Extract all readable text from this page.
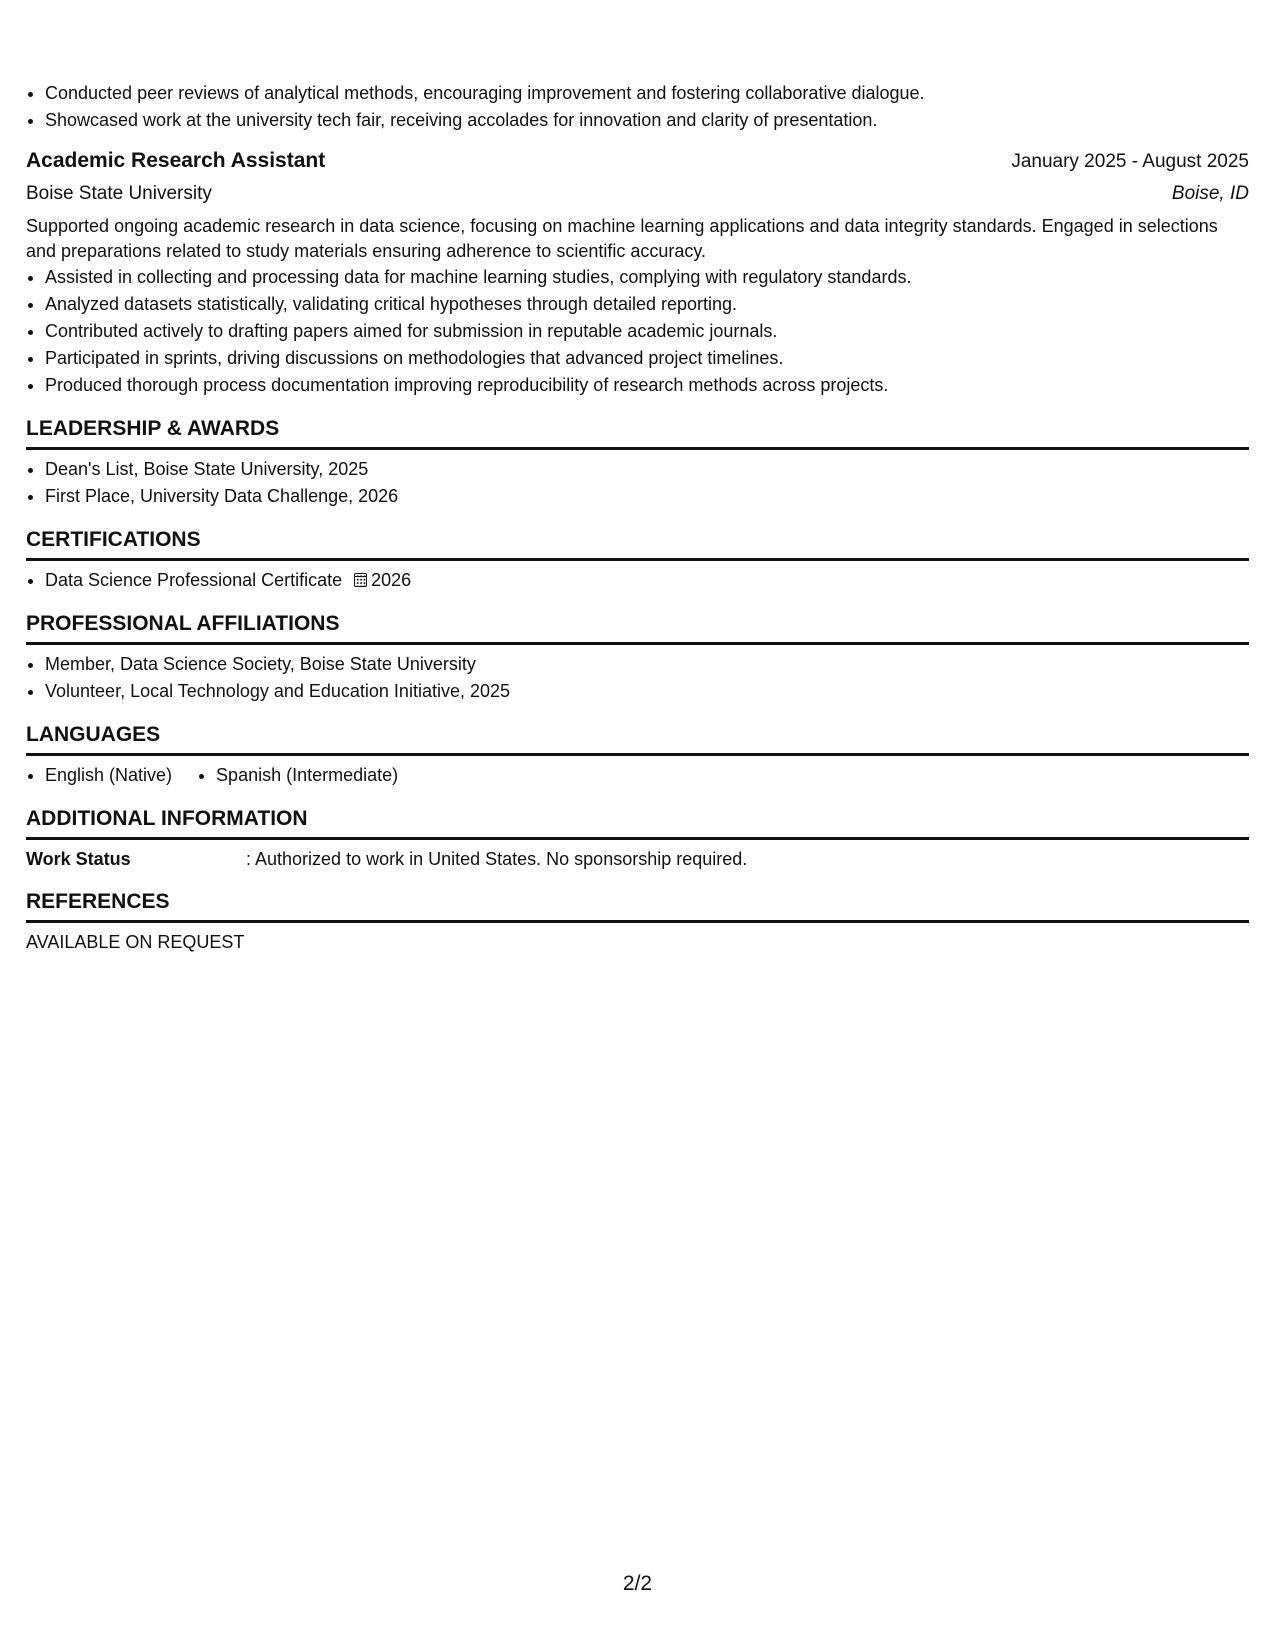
• Conducted peer reviews of analytical methods, encouraging improvement and fostering collaborative dialogue.
• Showcased work at the university tech fair, receiving accolades for innovation and clarity of presentation.
Academic Research Assistant	January 2025 - August 2025
Boise State University	Boise, ID
Supported ongoing academic research in data science, focusing on machine learning applications and data integrity standards. Engaged in selections and preparations related to study materials ensuring adherence to scientific accuracy.
• Assisted in collecting and processing data for machine learning studies, complying with regulatory standards.
• Analyzed datasets statistically, validating critical hypotheses through detailed reporting.
• Contributed actively to drafting papers aimed for submission in reputable academic journals.
• Participated in sprints, driving discussions on methodologies that advanced project timelines.
• Produced thorough process documentation improving reproducibility of research methods across projects.
LEADERSHIP & AWARDS
• Dean's List, Boise State University, 2025
• First Place, University Data Challenge, 2026
CERTIFICATIONS
• Data Science Professional Certificate 2026
PROFESSIONAL AFFILIATIONS
• Member, Data Science Society, Boise State University
• Volunteer, Local Technology and Education Initiative, 2025
LANGUAGES
• English (Native)
• Spanish (Intermediate)
ADDITIONAL INFORMATION
Work Status	: Authorized to work in United States. No sponsorship required.
REFERENCES
AVAILABLE ON REQUEST
2/2
